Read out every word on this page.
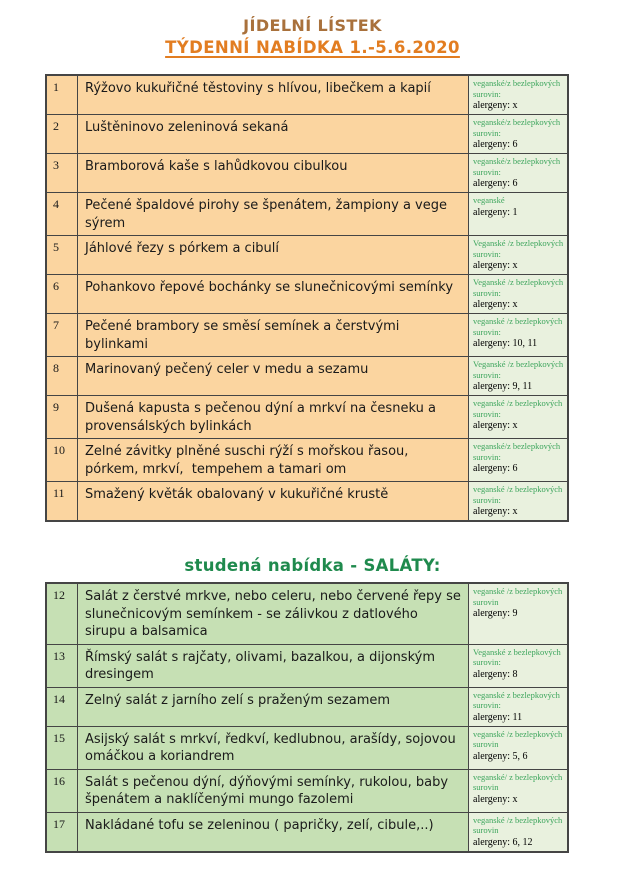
JÍDELNÍ LÍSTEK
TÝDENNÍ NABÍDKA 1.-5.6.2020
1	Rýžovo kukuřičné těstoviny s hlívou, libečkem a kapií	veganské/z bezlepkových surovin:
alergeny: x
2	Luštěninovo zeleninová sekaná	veganské/z bezlepkových surovin:
alergeny: 6
3	Bramborová kaše s lahůdkovou cibulkou	veganské/z bezlepkových surovin:
alergeny: 6
4	Pečené špaldové pirohy se špenátem, žampiony a vege sýrem
veganské
alergeny: 1
5	Jáhlové řezy s pórkem a cibulí	Veganské /z bezlepkových surovin:
alergeny: x
6	Pohankovo řepové bochánky se slunečnicovými semínky	Veganské /z bezlepkových surovin:
alergeny: x
7	Pečené brambory se směsí semínek a čerstvými bylinkami
veganské /z bezlepkových surovin:
alergeny: 10, 11
8	Marinovaný pečený celer v medu a sezamu	Veganské /z bezlepkových surovin:
alergeny: 9, 11
9	Dušená kapusta s pečenou dýní a mrkví na česneku a provensálských bylinkách
veganské /z bezlepkových surovin:
alergeny: x
10	Zelné závitky plněné suschi rýží s mořskou řasou, pórkem, mrkví,  tempehem a tamari om
veganské/z bezlepkových surovin:
alergeny: 6
11	Smažený květák obalovaný v kukuřičné krustě	veganské /z bezlepkových surovin:
alergeny: x
studená nabídka - SALÁTY:
12	Salát z čerstvé mrkve, nebo celeru, nebo červené řepy se slunečnicovým semínkem - se zálivkou z datlového sirupu a balsamica
veganské /z bezlepkových surovin
alergeny: 9
13	Římský salát s rajčaty, olivami, bazalkou, a dijonským dresingem
Veganské z bezlepkových surovin:
alergeny: 8
14	Zelný salát z jarního zelí s praženým sezamem	veganské z bezlepkových surovin:
alergeny: 11
15	Asijský salát s mrkví, ředkví, kedlubnou, arašídy, sojovou omáčkou a koriandrem
veganské /z bezlepkových surovin
alergeny: 5, 6
16	Salát s pečenou dýní, dýňovými semínky, rukolou, baby špenátem a naklíčenými mungo fazolemi
veganské/ z bezlepkových surovin
alergeny: x
17	Nakládané tofu se zeleninou ( papričky, zelí, cibule,..)	veganské /z bezlepkových surovin
alergeny: 6, 12
